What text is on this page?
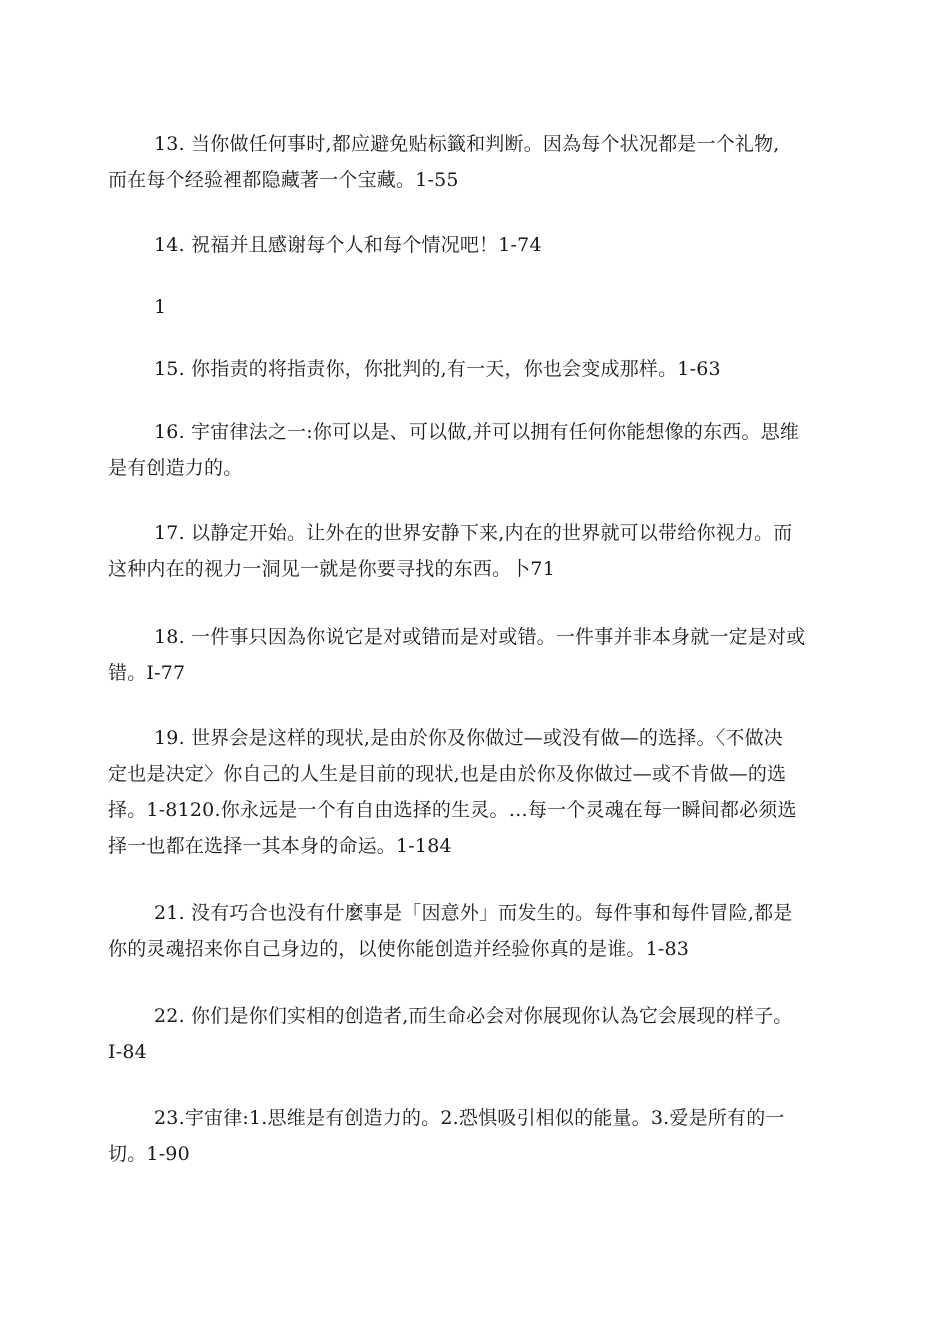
13. 当你做任何事时,都应避免贴标籤和判断。因為每个状况都是一个礼物,
而在每个经验裡都隐藏著一个宝藏。1-55
14. 祝福并且感谢每个人和每个情况吧！1-74
1
15. 你指责的将指责你，你批判的,有一天，你也会变成那样。1-63
16. 宇宙律法之一:你可以是、可以做,并可以拥有任何你能想像的东西。思维
是有创造力的。
17. 以静定开始。让外在的世界安静下来,内在的世界就可以带给你视力。而
这种内在的视力一洞见一就是你要寻找的东西。卜71
18. 一件事只因為你说它是对或错而是对或错。一件事并非本身就一定是对或
错。I-77
19. 世界会是这样的现状,是由於你及你做过—或没有做—的选择。〈不做决
定也是决定〉你自己的人生是目前的现状,也是由於你及你做过—或不肯做—的选
择。1-8120.你永远是一个有自由选择的生灵。…每一个灵魂在每一瞬间都必须选
择一也都在选择一其本身的命运。1-184
21. 没有巧合也没有什麼事是「因意外」而发生的。每件事和每件冒险,都是
你的灵魂招来你自己身边的，以使你能创造并经验你真的是谁。1-83
22. 你们是你们实相的创造者,而生命必会对你展现你认為它会展现的样子。
I-84
23.宇宙律:1.思维是有创造力的。2.恐惧吸引相似的能量。3.爱是所有的一
切。1-90
